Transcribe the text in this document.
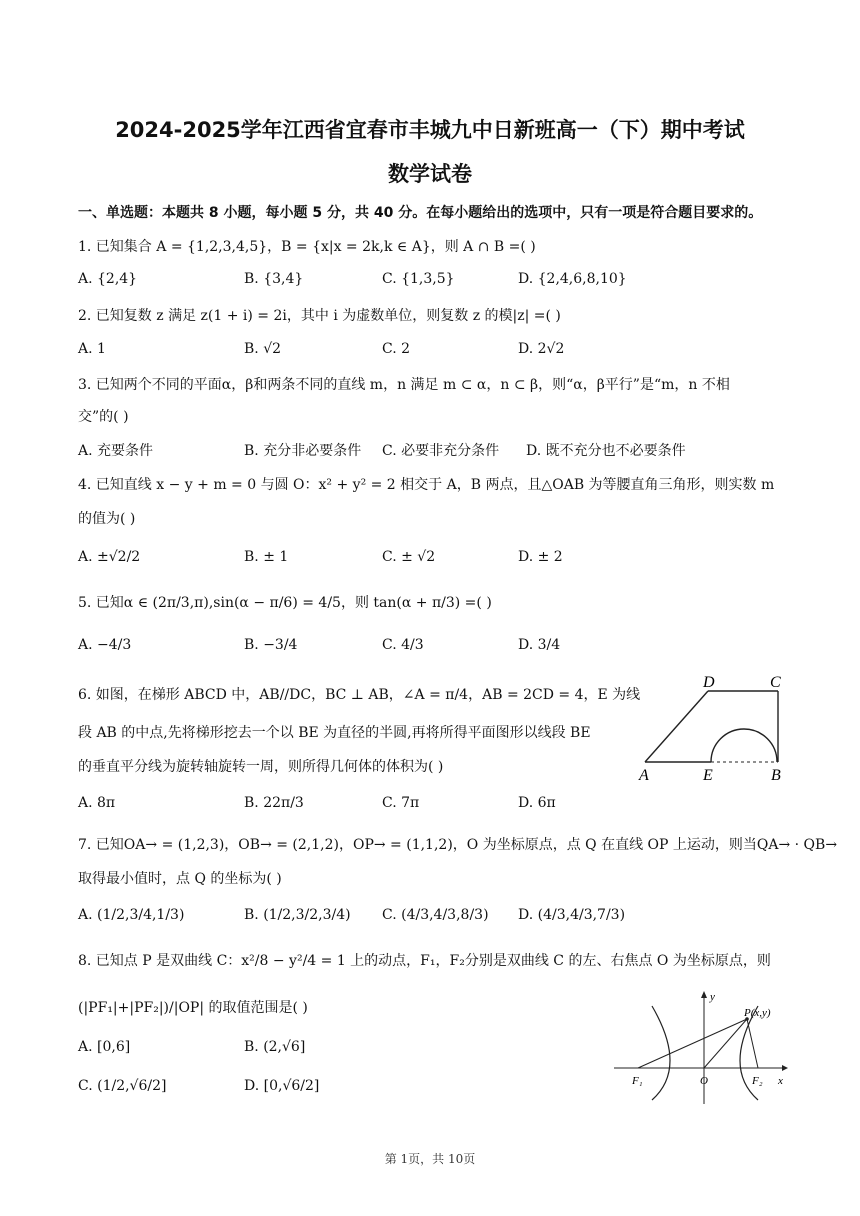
2024-2025学年江西省宜春市丰城九中日新班高一（下）期中考试
数学试卷
一、单选题：本题共 8 小题，每小题 5 分，共 40 分。在每小题给出的选项中，只有一项是符合题目要求的。
1. 已知集合 A = {1,2,3,4,5}，B = {x|x = 2k,k ∈ A}，则 A ∩ B =( )
A. {2,4}	B. {3,4}	C. {1,3,5}	D. {2,4,6,8,10}
2. 已知复数 z 满足 z(1 + i) = 2i，其中 i 为虚数单位，则复数 z 的模|z| =( )
A. 1	B. √2	C. 2	D. 2√2
3. 已知两个不同的平面α，β和两条不同的直线 m，n 满足 m ⊂ α，n ⊂ β，则“α，β平行”是“m，n 不相
交”的( )
A. 充要条件	B. 充分非必要条件 C. 必要非充分条件 D. 既不充分也不必要条件
4. 已知直线 x − y + m = 0 与圆 O：x² + y² = 2 相交于 A，B 两点，且△OAB 为等腰直角三角形，则实数 m
的值为( )
A. ±√2/2	B. ± 1	C. ± √2	D. ± 2
5. 已知α ∈ (2π/3,π),sin(α − π/6) = 4/5，则 tan(α + π/3) =( )
A. −4/3	B. −3/4	C. 4/3	D. 3/4
6. 如图，在梯形 ABCD 中，AB//DC，BC ⊥ AB，∠A = π/4，AB = 2CD = 4，E 为线
段 AB 的中点,先将梯形挖去一个以 BE 为直径的半圆,再将所得平面图形以线段 BE
的垂直平分线为旋转轴旋转一周，则所得几何体的体积为( )
A. 8π	B. 22π/3	C. 7π	D. 6π
D	C
A	E	B
7. 已知OA→ = (1,2,3)，OB→ = (2,1,2)，OP→ = (1,1,2)，O 为坐标原点，点 Q 在直线 OP 上运动，则当QA→ · QB→
取得最小值时，点 Q 的坐标为( )
A. (1/2,3/4,1/3)	B. (1/2,3/2,3/4) C. (4/3,4/3,8/3) D. (4/3,4/3,7/3)
8. 已知点 P 是双曲线 C：x²/8 − y²/4 = 1 上的动点，F₁，F₂分别是双曲线 C 的左、右焦点 O 为坐标原点，则
(|PF₁|+|PF₂|)/|OP| 的取值范围是( )
A. [0,6]	B. (2,√6]
C. (1/2,√6/2]	D. [0,√6/2]
y
P(x,y)
F₁	O	F₂ x
第 1页，共 10页
